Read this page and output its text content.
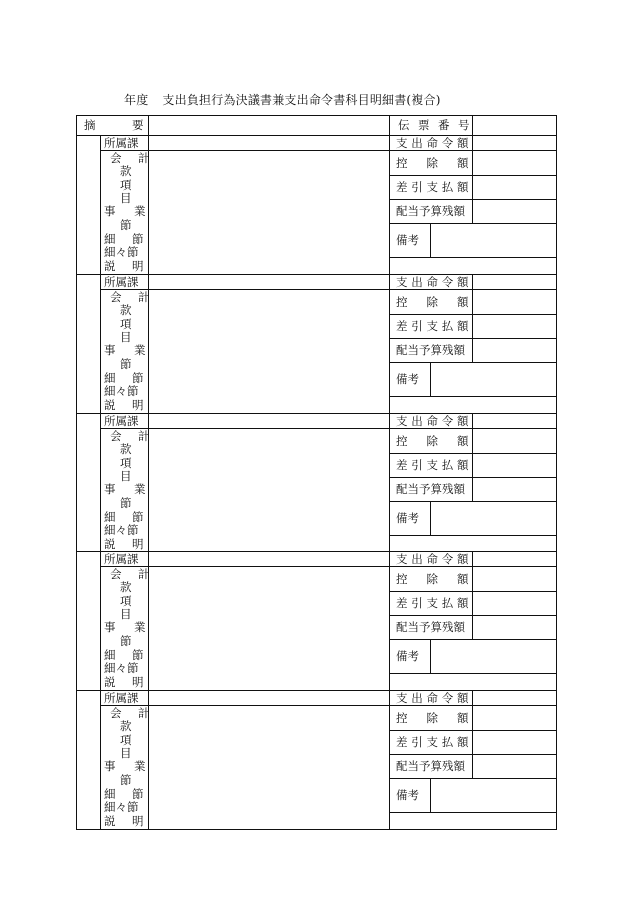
年度 支出負担行為決議書兼支出命令書科目明細書(複合)
摘	要	伝 票 番 号
所属課
会 計
款
項
目
事 業
節
細 節
細々節
説 明
支 出 命 令 額
控 除 額
差 引 支 払 額
配当予算残額
備考
所属課
会 計
款
項
目
事 業
節
細 節
細々節
説 明
支 出 命 令 額
控 除 額
差 引 支 払 額
配当予算残額
備考
所属課
会 計
款
項
目
事 業
節
細 節
細々節
説 明
支 出 命 令 額
控 除 額
差 引 支 払 額
配当予算残額
備考
所属課
会 計
款
項
目
事 業
節
細 節
細々節
説 明
支 出 命 令 額
控 除 額
差 引 支 払 額
配当予算残額
備考
所属課
会 計
款
項
目
事 業
節
細 節
細々節
説 明
支 出 命 令 額
控 除 額
差 引 支 払 額
配当予算残額
備考
